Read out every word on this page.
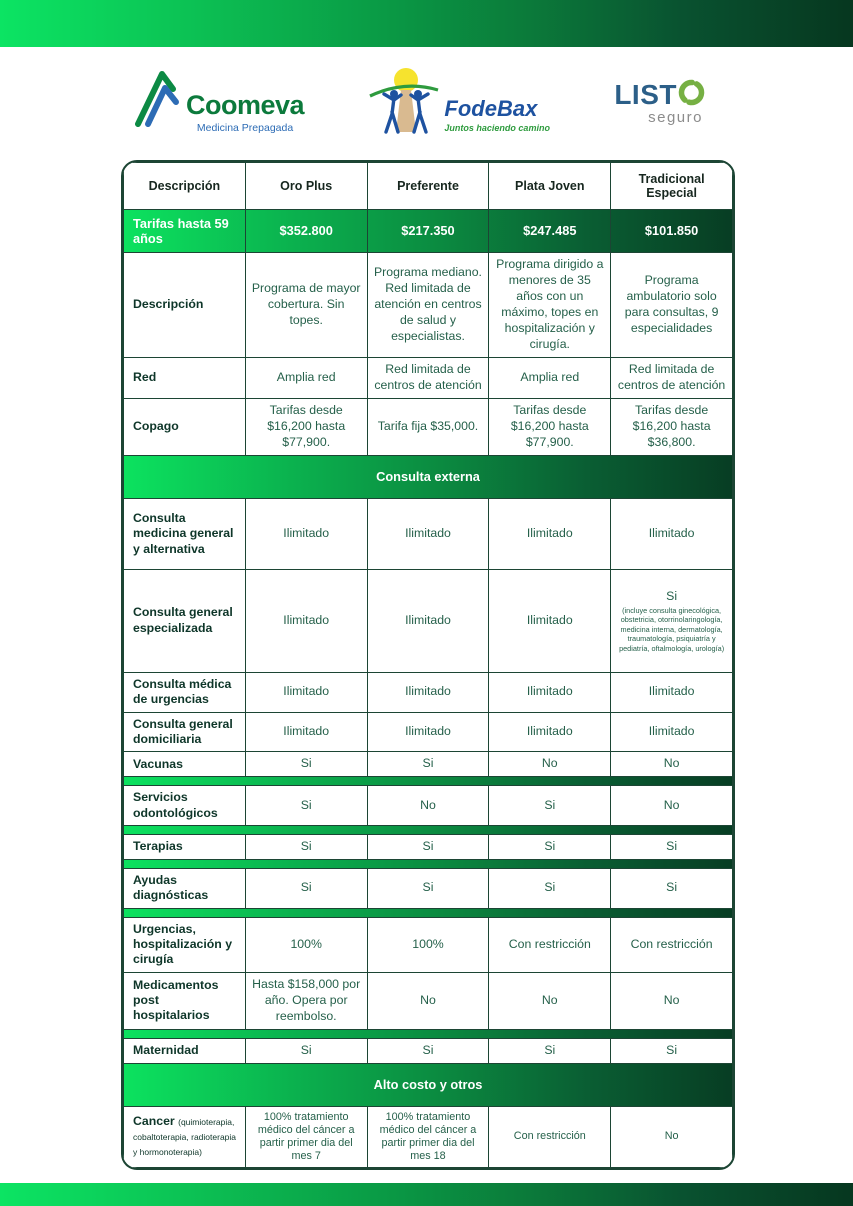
Coomeva
Medicina Prepagada
FodeBax
Juntos haciendo camino
LIST
seguro
Descripción	Oro Plus	Preferente	Plata Joven	Tradicional Especial
Tarifas hasta 59 años	$352.800	$217.350	$247.485	$101.850
Descripción	Programa de mayor cobertura. Sin topes.	Programa mediano. Red limitada de atención en centros de salud y especialistas.	Programa dirigido a menores de 35 años con un máximo, topes en hospitalización y cirugía.	Programa ambulatorio solo para consultas, 9 especialidades
Red	Amplia red	Red limitada de centros de atención	Amplia red	Red limitada de centros de atención
Copago	Tarifas desde $16,200 hasta $77,900.	Tarifa fija $35,000.	Tarifas desde $16,200 hasta $77,900.	Tarifas desde $16,200 hasta $36,800.
Consulta externa				
Consulta medicina general y alternativa	Ilimitado	Ilimitado	Ilimitado	Ilimitado
Consulta general especializada	Ilimitado	Ilimitado	Ilimitado	Si
(incluye consulta ginecológica, obstetricia, otorrinolaringología, medicina interna, dermatología, traumatología, psiquiatría y pediatría, oftalmología, urología)

Consulta médica de urgencias	Ilimitado	Ilimitado	Ilimitado	Ilimitado
Consulta general domiciliaria	Ilimitado	Ilimitado	Ilimitado	Ilimitado
Vacunas	Si	Si	No	No

Servicios odontológicos	Si	No	Si	No

Terapias	Si	Si	Si	Si

Ayudas diagnósticas	Si	Si	Si	Si

Urgencias, hospitalización y cirugía	100%	100%	Con restricción	Con restricción
Medicamentos post hospitalarios	Hasta $158,000 por año. Opera por reembolso.	No	No	No

Maternidad	Si	Si	Si	Si
Alto costo y otros				
Cancer (quimioterapia, cobaltoterapia, radioterapia y hormonoterapia)	100% tratamiento médico del cáncer a partir primer dia del mes 7	100% tratamiento médico del cáncer a partir primer dia del mes 18	Con restricción	No
